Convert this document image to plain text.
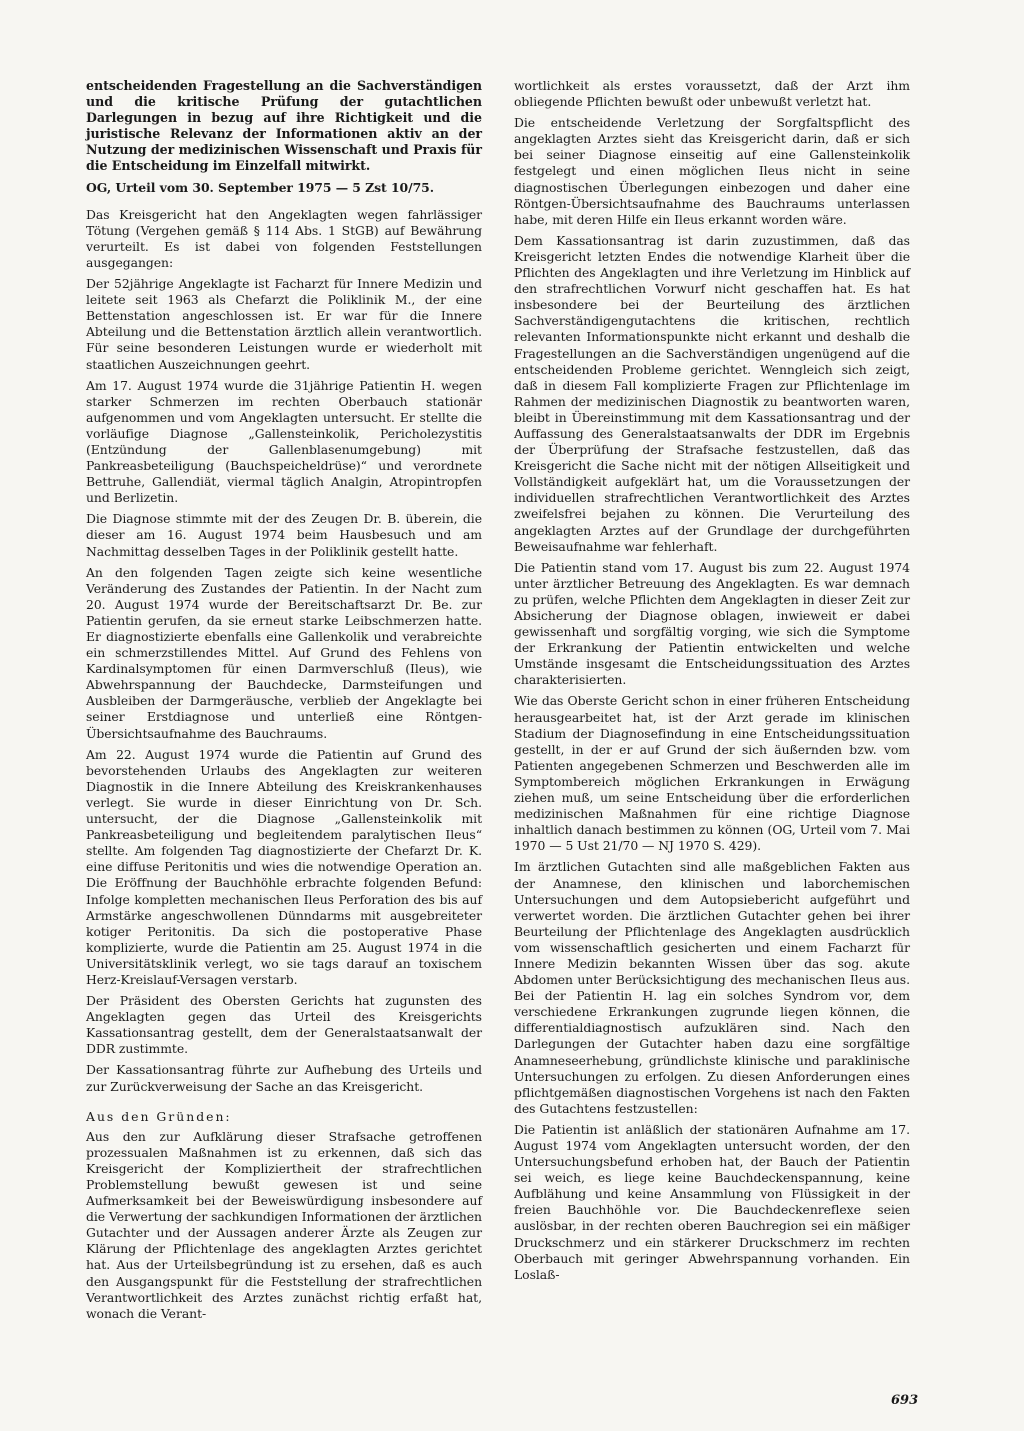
entscheidenden Fragestellung an die Sachverständigen und die kritische Prüfung der gutachtlichen Darlegungen in bezug auf ihre Richtigkeit und die juristische Relevanz der Informationen aktiv an der Nutzung der medizinischen Wissenschaft und Praxis für die Entscheidung im Einzelfall mitwirkt.

OG, Urteil vom 30. September 1975 — 5 Zst 10/75.

Das Kreisgericht hat den Angeklagten wegen fahrlässiger Tötung (Vergehen gemäß § 114 Abs. 1 StGB) auf Bewährung verurteilt. Es ist dabei von folgenden Feststellungen ausgegangen:

Der 52jährige Angeklagte ist Facharzt für Innere Medizin und leitete seit 1963 als Chefarzt die Poliklinik M., der eine Bettenstation angeschlossen ist. Er war für die Innere Abteilung und die Bettenstation ärztlich allein verantwortlich. Für seine besonderen Leistungen wurde er wiederholt mit staatlichen Auszeichnungen geehrt.

Am 17. August 1974 wurde die 31jährige Patientin H. wegen starker Schmerzen im rechten Oberbauch stationär aufgenommen und vom Angeklagten untersucht. Er stellte die vorläufige Diagnose „Gallensteinkolik, Pericholezystitis (Entzündung der Gallenblasenumgebung) mit Pankreasbeteiligung (Bauchspeicheldrüse)“ und verordnete Bettruhe, Gallendiät, viermal täglich Analgin, Atropintropfen und Berlizetin.

Die Diagnose stimmte mit der des Zeugen Dr. B. überein, die dieser am 16. August 1974 beim Hausbesuch und am Nachmittag desselben Tages in der Poliklinik gestellt hatte.

An den folgenden Tagen zeigte sich keine wesentliche Veränderung des Zustandes der Patientin. In der Nacht zum 20. August 1974 wurde der Bereitschaftsarzt Dr. Be. zur Patientin gerufen, da sie erneut starke Leibschmerzen hatte. Er diagnostizierte ebenfalls eine Gallenkolik und verabreichte ein schmerzstillendes Mittel. Auf Grund des Fehlens von Kardinalsymptomen für einen Darmverschluß (Ileus), wie Abwehrspannung der Bauchdecke, Darmsteifungen und Ausbleiben der Darmgeräusche, verblieb der Angeklagte bei seiner Erstdiagnose und unterließ eine Röntgen-Übersichtsaufnahme des Bauchraums.

Am 22. August 1974 wurde die Patientin auf Grund des bevorstehenden Urlaubs des Angeklagten zur weiteren Diagnostik in die Innere Abteilung des Kreiskrankenhauses verlegt. Sie wurde in dieser Einrichtung von Dr. Sch. untersucht, der die Diagnose „Gallensteinkolik mit Pankreasbeteiligung und begleitendem paralytischen Ileus“ stellte. Am folgenden Tag diagnostizierte der Chefarzt Dr. K. eine diffuse Peritonitis und wies die notwendige Operation an. Die Eröffnung der Bauchhöhle erbrachte folgenden Befund: Infolge kompletten mechanischen Ileus Perforation des bis auf Armstärke angeschwollenen Dünndarms mit ausgebreiteter kotiger Peritonitis. Da sich die postoperative Phase komplizierte, wurde die Patientin am 25. August 1974 in die Universitätsklinik verlegt, wo sie tags darauf an toxischem Herz-Kreislauf-Versagen verstarb.

Der Präsident des Obersten Gerichts hat zugunsten des Angeklagten gegen das Urteil des Kreisgerichts Kassationsantrag gestellt, dem der Generalstaatsanwalt der DDR zustimmte.

Der Kassationsantrag führte zur Aufhebung des Urteils und zur Zurückverweisung der Sache an das Kreisgericht.

Aus den Gründen:

Aus den zur Aufklärung dieser Strafsache getroffenen prozessualen Maßnahmen ist zu erkennen, daß sich das Kreisgericht der Kompliziertheit der strafrechtlichen Problemstellung bewußt gewesen ist und seine Aufmerksamkeit bei der Beweiswürdigung insbesondere auf die Verwertung der sachkundigen Informationen der ärztlichen Gutachter und der Aussagen anderer Ärzte als Zeugen zur Klärung der Pflichtenlage des angeklagten Arztes gerichtet hat. Aus der Urteilsbegründung ist zu ersehen, daß es auch den Ausgangspunkt für die Feststellung der strafrechtlichen Verantwortlichkeit des Arztes zunächst richtig erfaßt hat, wonach die Verant-

wortlichkeit als erstes voraussetzt, daß der Arzt ihm obliegende Pflichten bewußt oder unbewußt verletzt hat.

Die entscheidende Verletzung der Sorgfaltspflicht des angeklagten Arztes sieht das Kreisgericht darin, daß er sich bei seiner Diagnose einseitig auf eine Gallensteinkolik festgelegt und einen möglichen Ileus nicht in seine diagnostischen Überlegungen einbezogen und daher eine Röntgen-Übersichtsaufnahme des Bauchraums unterlassen habe, mit deren Hilfe ein Ileus erkannt worden wäre.

Dem Kassationsantrag ist darin zuzustimmen, daß das Kreisgericht letzten Endes die notwendige Klarheit über die Pflichten des Angeklagten und ihre Verletzung im Hinblick auf den strafrechtlichen Vorwurf nicht geschaffen hat. Es hat insbesondere bei der Beurteilung des ärztlichen Sachverständigengutachtens die kritischen, rechtlich relevanten Informationspunkte nicht erkannt und deshalb die Fragestellungen an die Sachverständigen ungenügend auf die entscheidenden Probleme gerichtet. Wenngleich sich zeigt, daß in diesem Fall komplizierte Fragen zur Pflichtenlage im Rahmen der medizinischen Diagnostik zu beantworten waren, bleibt in Übereinstimmung mit dem Kassationsantrag und der Auffassung des Generalstaatsanwalts der DDR im Ergebnis der Überprüfung der Strafsache festzustellen, daß das Kreisgericht die Sache nicht mit der nötigen Allseitigkeit und Vollständigkeit aufgeklärt hat, um die Voraussetzungen der individuellen strafrechtlichen Verantwortlichkeit des Arztes zweifelsfrei bejahen zu können. Die Verurteilung des angeklagten Arztes auf der Grundlage der durchgeführten Beweisaufnahme war fehlerhaft.

Die Patientin stand vom 17. August bis zum 22. August 1974 unter ärztlicher Betreuung des Angeklagten. Es war demnach zu prüfen, welche Pflichten dem Angeklagten in dieser Zeit zur Absicherung der Diagnose oblagen, inwieweit er dabei gewissenhaft und sorgfältig vorging, wie sich die Symptome der Erkrankung der Patientin entwickelten und welche Umstände insgesamt die Entscheidungssituation des Arztes charakterisierten.

Wie das Oberste Gericht schon in einer früheren Entscheidung herausgearbeitet hat, ist der Arzt gerade im klinischen Stadium der Diagnosefindung in eine Entscheidungssituation gestellt, in der er auf Grund der sich äußernden bzw. vom Patienten angegebenen Schmerzen und Beschwerden alle im Symptombereich möglichen Erkrankungen in Erwägung ziehen muß, um seine Entscheidung über die erforderlichen medizinischen Maßnahmen für eine richtige Diagnose inhaltlich danach bestimmen zu können (OG, Urteil vom 7. Mai 1970 — 5 Ust 21/70 — NJ 1970 S. 429).

Im ärztlichen Gutachten sind alle maßgeblichen Fakten aus der Anamnese, den klinischen und laborchemischen Untersuchungen und dem Autopsiebericht aufgeführt und verwertet worden. Die ärztlichen Gutachter gehen bei ihrer Beurteilung der Pflichtenlage des Angeklagten ausdrücklich vom wissenschaftlich gesicherten und einem Facharzt für Innere Medizin bekannten Wissen über das sog. akute Abdomen unter Berücksichtigung des mechanischen Ileus aus. Bei der Patientin H. lag ein solches Syndrom vor, dem verschiedene Erkrankungen zugrunde liegen können, die differentialdiagnostisch aufzuklären sind. Nach den Darlegungen der Gutachter haben dazu eine sorgfältige Anamneseerhebung, gründlichste klinische und paraklinische Untersuchungen zu erfolgen. Zu diesen Anforderungen eines pflichtgemäßen diagnostischen Vorgehens ist nach den Fakten des Gutachtens festzustellen:

Die Patientin ist anläßlich der stationären Aufnahme am 17. August 1974 vom Angeklagten untersucht worden, der den Untersuchungsbefund erhoben hat, der Bauch der Patientin sei weich, es liege keine Bauchdeckenspannung, keine Aufblähung und keine Ansammlung von Flüssigkeit in der freien Bauchhöhle vor. Die Bauchdeckenreflexe seien auslösbar, in der rechten oberen Bauchregion sei ein mäßiger Druckschmerz und ein stärkerer Druckschmerz im rechten Oberbauch mit geringer Abwehrspannung vorhanden. Ein Loslaß-

693
